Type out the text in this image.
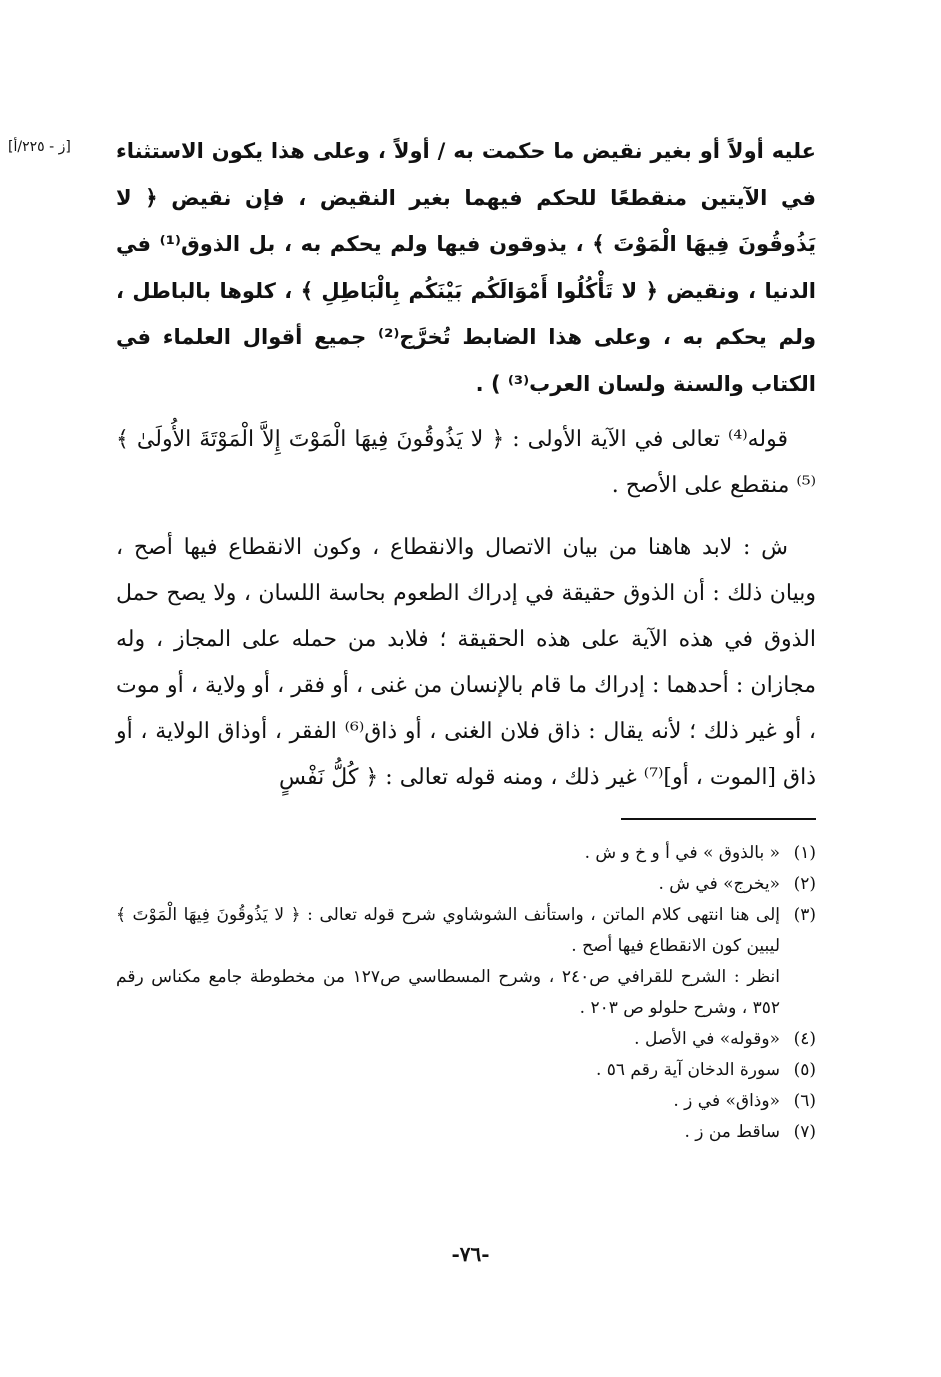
[ز - ٢٢٥/أ]	عليه أولاً أو بغير نقيض ما حكمت به / أولاً ، وعلى هذا يكون الاستثناء في الآيتين منقطعًا للحكم فيهما بغير النقيض ، فإن نقيض ﴿ لا يَذُوقُونَ فِيهَا الْمَوْتَ ﴾ ، يذوقون فيها ولم يحكم به ، بل الذوق⁽¹⁾ في الدنيا ، ونقيض ﴿ لا تَأْكُلُوا أَمْوَالَكُم بَيْنَكُم بِالْبَاطِلِ ﴾ ، كلوها بالباطل ، ولم يحكم به ، وعلى هذا الضابط تُخرَّج⁽²⁾ جميع أقوال العلماء في الكتاب والسنة ولسان العرب⁽³⁾ ) .

قوله⁽⁴⁾ تعالى في الآية الأولى : ﴿ لا يَذُوقُونَ فِيهَا الْمَوْتَ إِلاَّ الْمَوْتَةَ الأُولَىٰ ﴾⁽⁵⁾ منقطع على الأصح .

ش : لابد هاهنا من بيان الاتصال والانقطاع ، وكون الانقطاع فيها أصح ، وبيان ذلك : أن الذوق حقيقة في إدراك الطعوم بحاسة اللسان ، ولا يصح حمل الذوق في هذه الآية على هذه الحقيقة ؛ فلابد من حمله على المجاز ، وله مجازان : أحدهما : إدراك ما قام بالإنسان من غنى ، أو فقر ، أو ولاية ، أو موت ، أو غير ذلك ؛ لأنه يقال : ذاق فلان الغنى ، أو ذاق⁽⁶⁾ الفقر ، أوذاق الولاية ، أو ذاق [الموت ، أو]⁽⁷⁾ غير ذلك ، ومنه قوله تعالى : ﴿ كُلُّ نَفْسٍ

(١)
« بالذوق » في أ و خ و ش .
(٢)
«يخرج» في ش .
(٣)
إلى هنا انتهى كلام الماتن ، واستأنف الشوشاوي شرح قوله تعالى : ﴿ لا يَذُوقُونَ فِيهَا الْمَوْتَ ﴾ ليبين كون الانقطاع فيها أصح .
انظر : الشرح للقرافي ص٢٤٠ ، وشرح المسطاسي ص١٢٧ من مخطوطة جامع مكناس رقم ٣٥٢ ، وشرح حلولو ص ٢٠٣ .
(٤)
«وقوله» في الأصل .
(٥)
سورة الدخان آية رقم ٥٦ .
(٦)
«وذاق» في ز .
(٧)
ساقط من ز .
-٧٦-
